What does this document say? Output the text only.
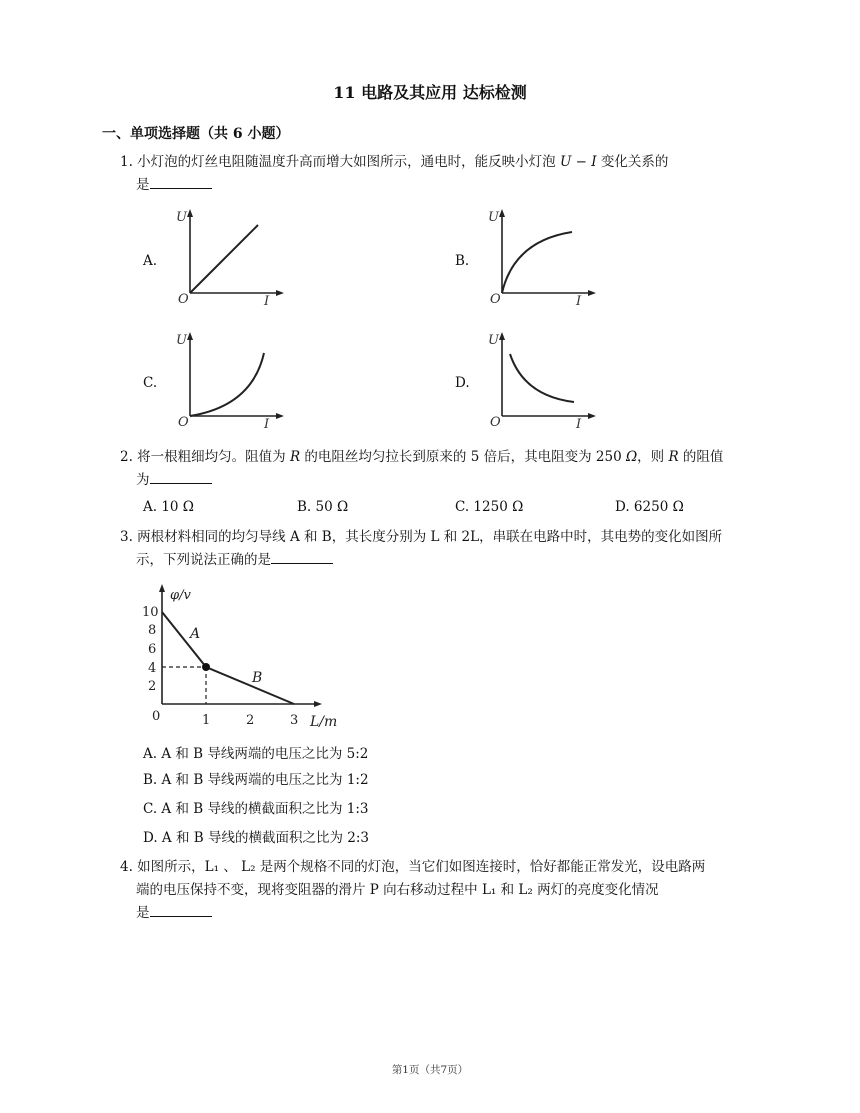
11 电路及其应用 达标检测
一、单项选择题（共 6 小题）
1. 小灯泡的灯丝电阻随温度升高而增大如图所示，通电时，能反映小灯泡 U − I 变化关系的
是
A.	B.
C.	D.
U
O	I
U
O	I
U
O	I
U
O	I
2. 将一根粗细均匀。阻值为 R 的电阻丝均匀拉长到原来的 5 倍后，其电阻变为 250 Ω，则 R 的阻值
为
A. 10 Ω	B. 50 Ω	C. 1250 Ω	D. 6250 Ω
3. 两根材料相同的均匀导线 A 和 B，其长度分别为 L 和 2L，串联在电路中时，其电势的变化如图所
示，下列说法正确的是
10
8
6
4
2
0	1	2	3
φ/v
L/m
A
B
A. A 和 B 导线两端的电压之比为 5:2
B. A 和 B 导线两端的电压之比为 1:2
C. A 和 B 导线的横截面积之比为 1:3
D. A 和 B 导线的横截面积之比为 2:3
4. 如图所示，L₁ 、 L₂ 是两个规格不同的灯泡，当它们如图连接时，恰好都能正常发光，设电路两
端的电压保持不变，现将变阻器的滑片 P 向右移动过程中 L₁ 和 L₂ 两灯的亮度变化情况
是
第1页（共7页）
